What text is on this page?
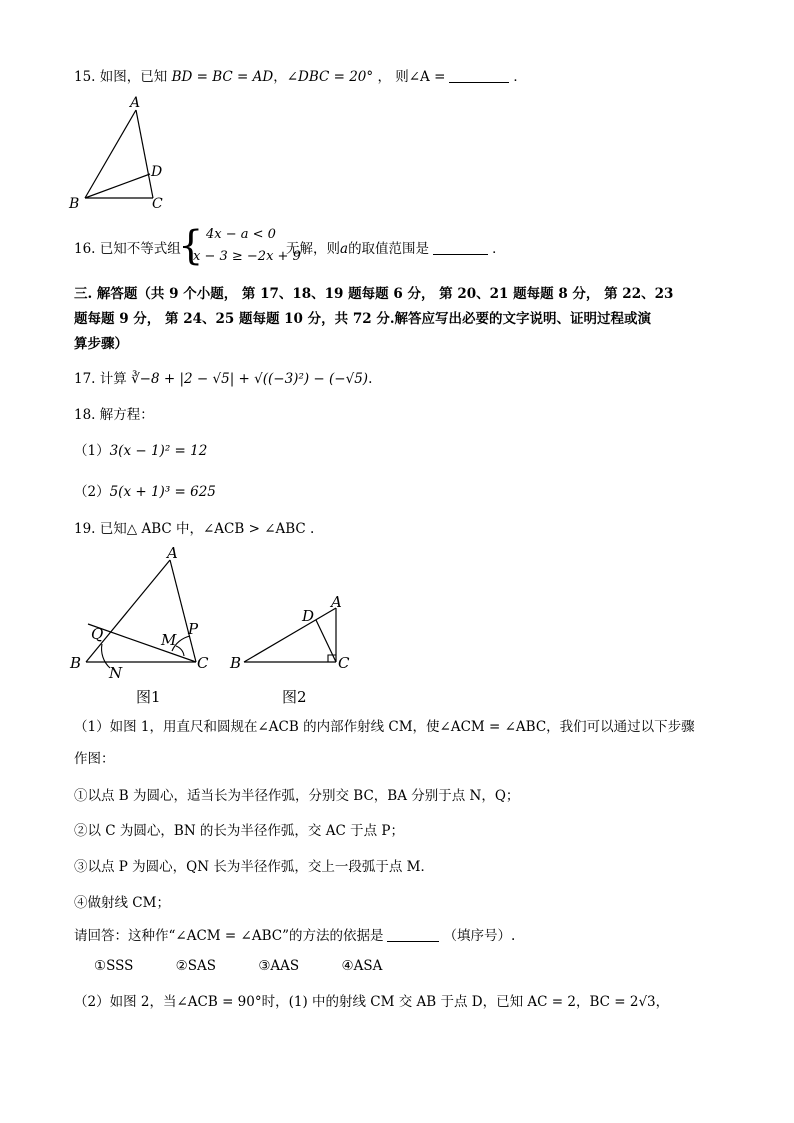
15. 如图，已知 BD = BC = AD，∠DBC = 20° ， 则∠A =	．
A
B	C
D
16. 已知不等式组
{ 4x − a < 0
x − 3 ≥ −2x + 9
无解，则a的取值范围是	．
三. 解答题（共 9 个小题， 第 17、18、19 题每题 6 分， 第 20、21 题每题 8 分， 第 22、23
题每题 9 分， 第 24、25 题每题 10 分，共 72 分.解答应写出必要的文字说明、证明过程或演
算步骤）
17. 计算 ∛−8 + |2 − √5| + √((−3)²) − (−√5).
18. 解方程：
（1）3(x − 1)² = 12
（2）5(x + 1)³ = 625
19. 已知△ ABC 中，∠ACB > ∠ABC .
A
B	C
Q
N
M
P
图1
A
B	C
D
图2
（1）如图 1，用直尺和圆规在∠ACB 的内部作射线 CM，使∠ACM = ∠ABC，我们可以通过以下步骤
作图：
①以点 B 为圆心，适当长为半径作弧，分别交 BC，BA 分别于点 N，Q；
②以 C 为圆心，BN 的长为半径作弧，交 AC 于点 P；
③以点 P 为圆心，QN 长为半径作弧，交上一段弧于点 M．
④做射线 CM；
请回答：这种作“∠ACM = ∠ABC”的方法的依据是	（填序号）.
①SSS	②SAS	③AAS	④ASA
（2）如图 2，当∠ACB = 90°时，(1) 中的射线 CM 交 AB 于点 D，已知 AC = 2，BC = 2√3，
